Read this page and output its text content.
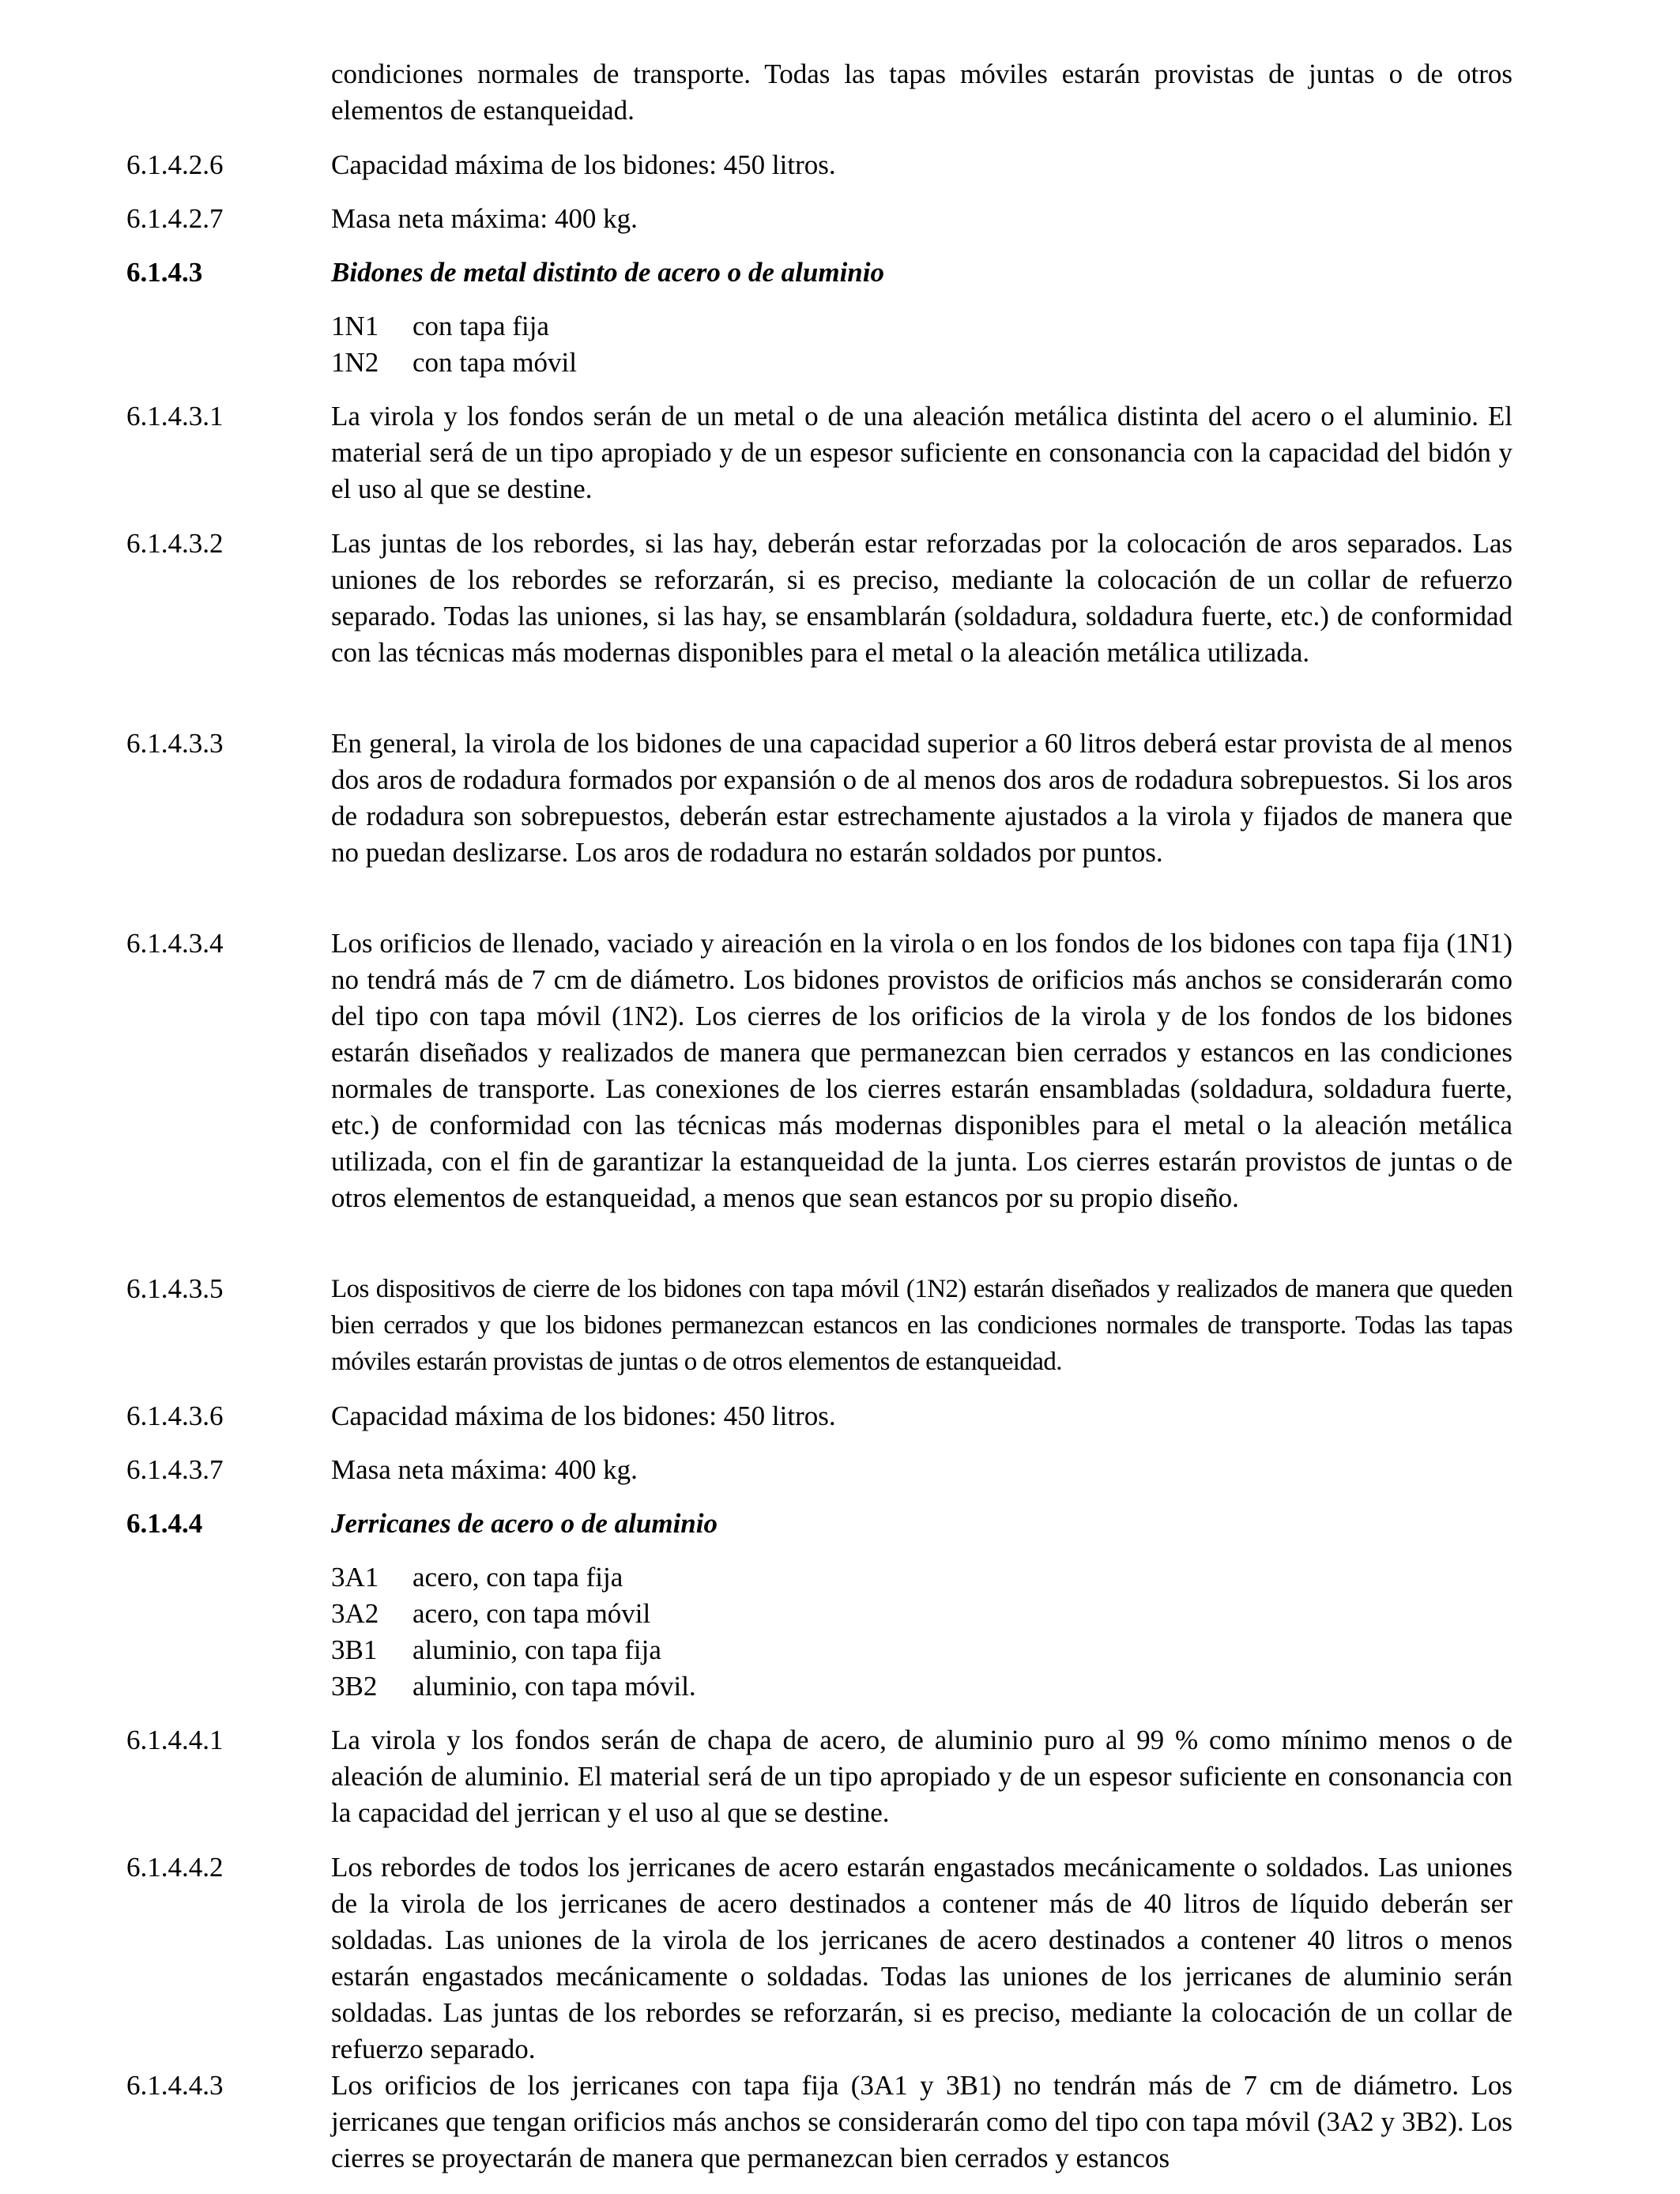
condiciones normales de transporte. Todas las tapas móviles estarán provistas de juntas o de otros elementos de estanqueidad.
6.1.4.2.6	Capacidad máxima de los bidones: 450 litros.
6.1.4.2.7	Masa neta máxima: 400 kg.
6.1.4.3	Bidones de metal distinto de acero o de aluminio
1N1 con tapa fija
1N2 con tapa móvil
6.1.4.3.1	La virola y los fondos serán de un metal o de una aleación metálica distinta del acero o el aluminio. El material será de un tipo apropiado y de un espesor suficiente en consonancia con la capacidad del bidón y el uso al que se destine.
6.1.4.3.2	Las juntas de los rebordes, si las hay, deberán estar reforzadas por la colocación de aros separados. Las uniones de los rebordes se reforzarán, si es preciso, mediante la colocación de un collar de refuerzo separado. Todas las uniones, si las hay, se ensamblarán (soldadura, soldadura fuerte, etc.) de conformidad con las técnicas más modernas disponibles para el metal o la aleación metálica utilizada.
6.1.4.3.3	En general, la virola de los bidones de una capacidad superior a 60 litros deberá estar provista de al menos dos aros de rodadura formados por expansión o de al menos dos aros de rodadura sobrepuestos. Si los aros de rodadura son sobrepuestos, deberán estar estrechamente ajustados a la virola y fijados de manera que no puedan deslizarse. Los aros de rodadura no estarán soldados por puntos.
6.1.4.3.4	Los orificios de llenado, vaciado y aireación en la virola o en los fondos de los bidones con tapa fija (1N1) no tendrá más de 7 cm de diámetro. Los bidones provistos de orificios más anchos se considerarán como del tipo con tapa móvil (1N2). Los cierres de los orificios de la virola y de los fondos de los bidones estarán diseñados y realizados de manera que permanezcan bien cerrados y estancos en las condiciones normales de transporte. Las conexiones de los cierres estarán ensambladas (soldadura, soldadura fuerte, etc.) de conformidad con las técnicas más modernas disponibles para el metal o la aleación metálica utilizada, con el fin de garantizar la estanqueidad de la junta. Los cierres estarán provistos de juntas o de otros elementos de estanqueidad, a menos que sean estancos por su propio diseño.
6.1.4.3.5	Los dispositivos de cierre de los bidones con tapa móvil (1N2) estarán diseñados y realizados de manera que queden bien cerrados y que los bidones permanezcan estancos en las condiciones normales de transporte. Todas las tapas móviles estarán provistas de juntas o de otros elementos de estanqueidad.
6.1.4.3.6	Capacidad máxima de los bidones: 450 litros.
6.1.4.3.7	Masa neta máxima: 400 kg.
6.1.4.4	Jerricanes de acero o de aluminio
3A1 acero, con tapa fija
3A2 acero, con tapa móvil
3B1 aluminio, con tapa fija
3B2 aluminio, con tapa móvil.
6.1.4.4.1	La virola y los fondos serán de chapa de acero, de aluminio puro al 99 % como mínimo menos o de aleación de aluminio. El material será de un tipo apropiado y de un espesor suficiente en consonancia con la capacidad del jerrican y el uso al que se destine.
6.1.4.4.2	Los rebordes de todos los jerricanes de acero estarán engastados mecánicamente o soldados. Las uniones de la virola de los jerricanes de acero destinados a contener más de 40 litros de líquido deberán ser soldadas. Las uniones de la virola de los jerricanes de acero destinados a contener 40 litros o menos estarán engastados mecánicamente o soldadas. Todas las uniones de los jerricanes de aluminio serán soldadas. Las juntas de los rebordes se reforzarán, si es preciso, mediante la colocación de un collar de refuerzo separado.
6.1.4.4.3	Los orificios de los jerricanes con tapa fija (3A1 y 3B1) no tendrán más de 7 cm de diámetro. Los jerricanes que tengan orificios más anchos se considerarán como del tipo con tapa móvil (3A2 y 3B2). Los cierres se proyectarán de manera que permanezcan bien cerrados y estancos
